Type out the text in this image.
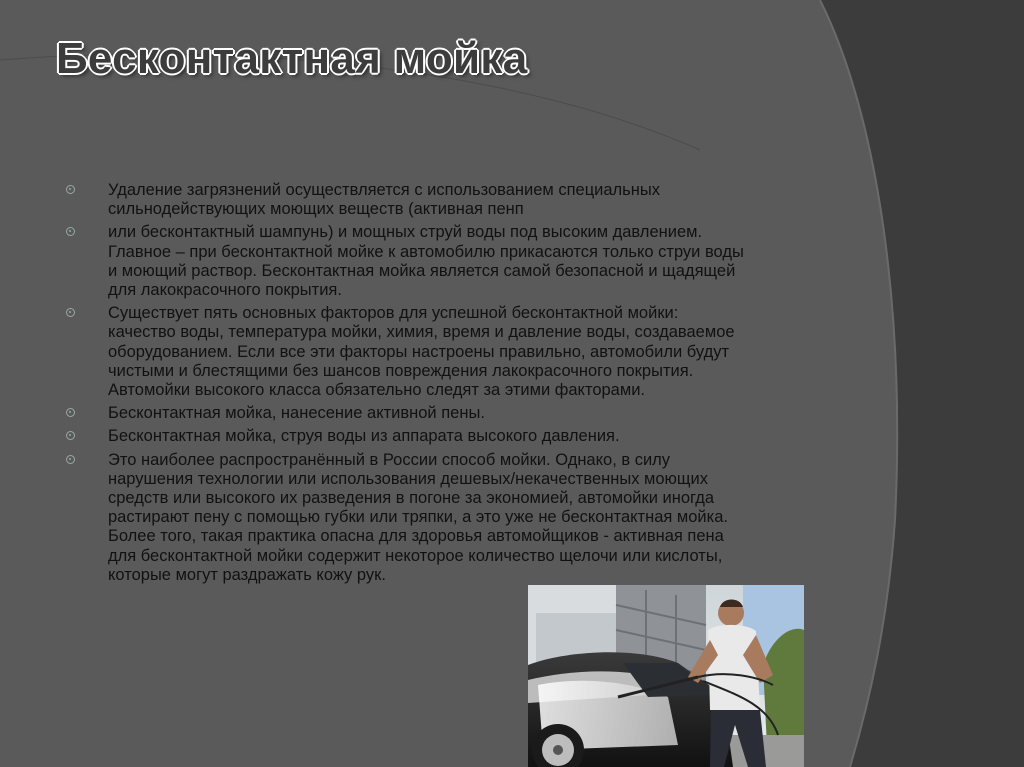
Бесконтактная мойка
Удаление загрязнений осуществляется с использованием специальных
сильнодействующих моющих веществ (активная пенп
или бесконтактный шампунь) и мощных струй воды под высоким давлением.
Главное – при бесконтактной мойке к автомобилю прикасаются только струи воды
и моющий раствор. Бесконтактная мойка является самой безопасной и щадящей
для лакокрасочного покрытия.
Существует пять основных факторов для успешной бесконтактной мойки:
качество воды, температура мойки, химия, время и давление воды, создаваемое
оборудованием. Если все эти факторы настроены правильно, автомобили будут
чистыми и блестящими без шансов повреждения лакокрасочного покрытия.
Автомойки высокого класса обязательно следят за этими факторами.
Бесконтактная мойка, нанесение активной пены.
Бесконтактная мойка, струя воды из аппарата высокого давления.
Это наиболее распространённый в России способ мойки. Однако, в силу
нарушения технологии или использования дешевых/некачественных моющих
средств или высокого их разведения в погоне за экономией, автомойки иногда
растирают пену с помощью губки или тряпки, а это уже не бесконтактная мойка.
Более того, такая практика опасна для здоровья автомойщиков - активная пена
для бесконтактной мойки содержит некоторое количество щелочи или кислоты,
которые могут раздражать кожу рук.
